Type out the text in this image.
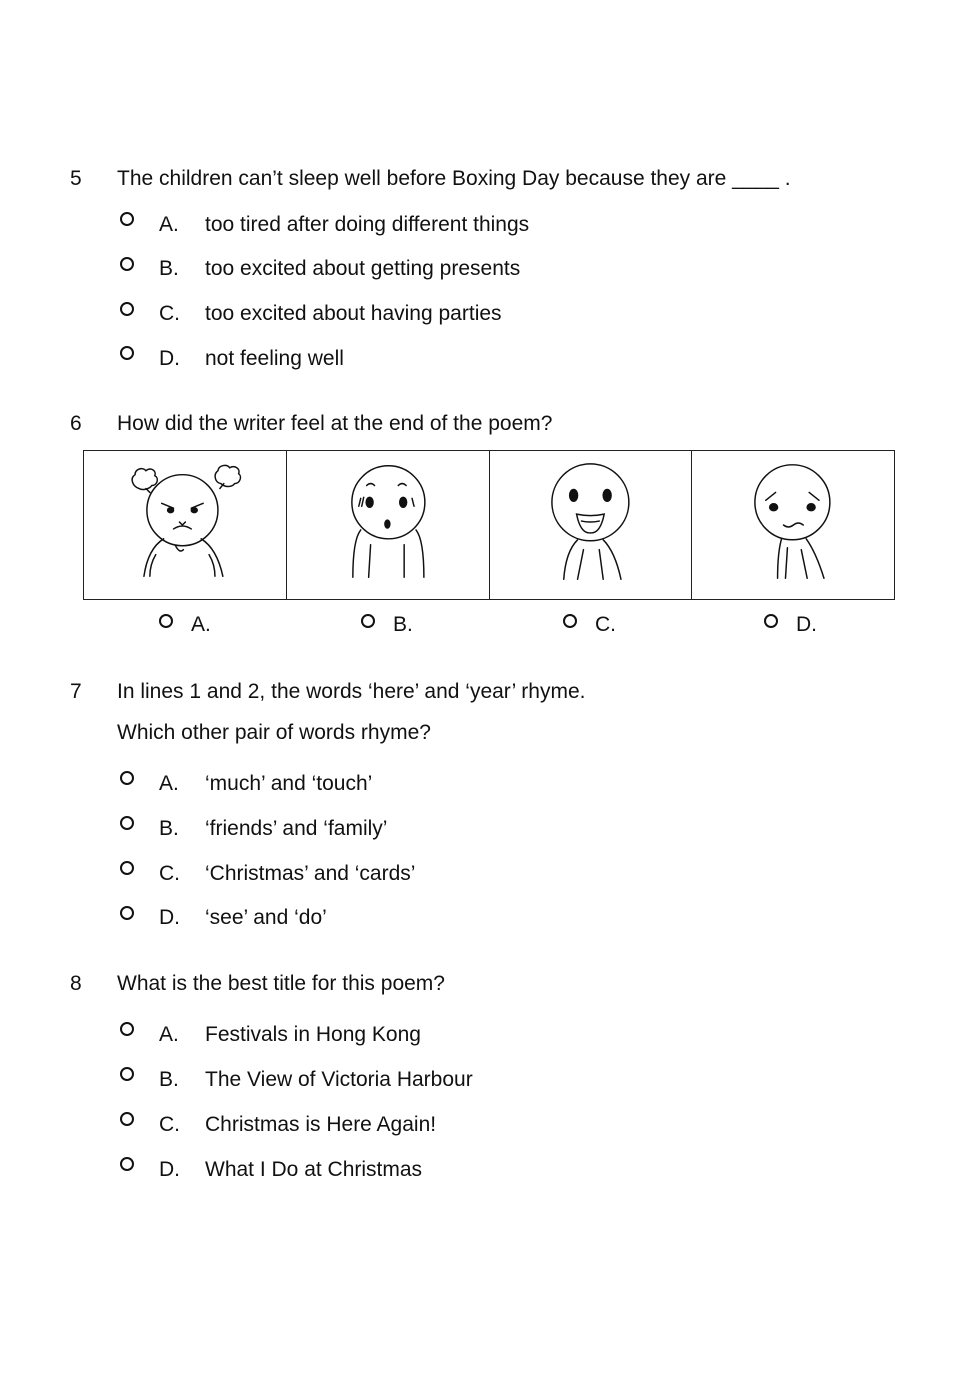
5 The children can’t sleep well before Boxing Day because they are ____ .
A. too tired after doing different things
B. too excited about getting presents
C. too excited about having parties
D. not feeling well
6 How did the writer feel at the end of the poem?
A.	B.	C.	D.
7 In lines 1 and 2, the words ‘here’ and ‘year’ rhyme.
Which other pair of words rhyme?
A. ‘much’ and ‘touch’
B. ‘friends’ and ‘family’
C. ‘Christmas’ and ‘cards’
D. ‘see’ and ‘do’
8 What is the best title for this poem?
A. Festivals in Hong Kong
B. The View of Victoria Harbour
C. Christmas is Here Again!
D. What I Do at Christmas
